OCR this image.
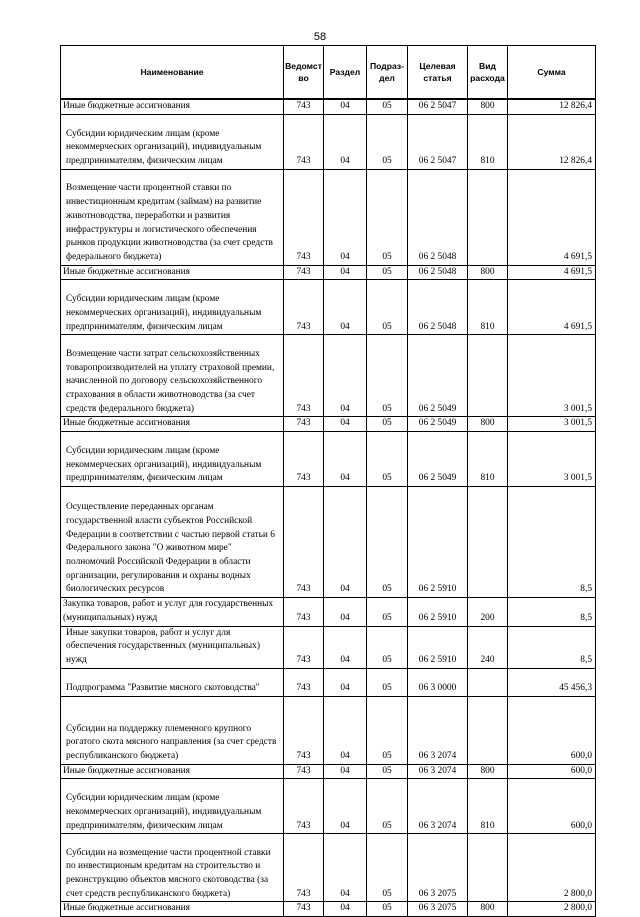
58
Наименование	Ведомст во	Раздел	Подраз- дел	Целевая статья	Вид расхода	Сумма
Иные бюджетные ассигнования	743	04	05	06 2 5047	800	12 826,4
Субсидии юридическим лицам (кроме некоммерческих организаций), индивидуальным предпринимателям, физическим лицам	743	04	05	06 2 5047	810	12 826,4
Возмещение части процентной ставки по инвестиционным кредитам (займам) на развитие животноводства, переработки и развития инфраструктуры и логистического обеспечения рынков продукции животноводства (за счет средств федерального бюджета)	743	04	05	06 2 5048		4 691,5
Иные бюджетные ассигнования	743	04	05	06 2 5048	800	4 691,5
Субсидии юридическим лицам (кроме некоммерческих организаций), индивидуальным предпринимателям, физическим лицам	743	04	05	06 2 5048	810	4 691,5
Возмещение части затрат сельскохозяйственных товаропроизводителей на уплату страховой премии, начисленной по договору сельскохозяйственного страхования в области животноводства (за счет средств федерального бюджета)	743	04	05	06 2 5049		3 001,5
Иные бюджетные ассигнования	743	04	05	06 2 5049	800	3 001,5
Субсидии юридическим лицам (кроме некоммерческих организаций), индивидуальным предпринимателям, физическим лицам	743	04	05	06 2 5049	810	3 001,5
Осуществление переданных органам государственной власти субъектов Российской Федерации в соответствии с частью первой статьи 6 Федерального закона "О животном мире" полномочий Российской Федерации в области организации, регулирования и охраны водных биологических ресурсов	743	04	05	06 2 5910		8,5
Закупка товаров, работ и услуг для государственных (муниципальных) нужд	743	04	05	06 2 5910	200	8,5
Иные закупки товаров, работ и услуг для обеспечения государственных (муниципальных) нужд	743	04	05	06 2 5910	240	8,5
Подпрограмма "Развитие мясного скотоводства"	743	04	05	06 3 0000		45 456,3
Субсидии на поддержку племенного крупного рогатого скота мясного направления (за счет средств республиканского бюджета)	743	04	05	06 3 2074		600,0
Иные бюджетные ассигнования	743	04	05	06 3 2074	800	600,0
Субсидии юридическим лицам (кроме некоммерческих организаций), индивидуальным предпринимателям, физическим лицам	743	04	05	06 3 2074	810	600,0
Субсидии на возмещение части процентной ставки по инвестиционым кредитам на строительство и реконструкцию объектов мясного скотоводства (за счет средств республиканского бюджета)	743	04	05	06 3 2075		2 800,0
Иные бюджетные ассигнования	743	04	05	06 3 2075	800	2 800,0
